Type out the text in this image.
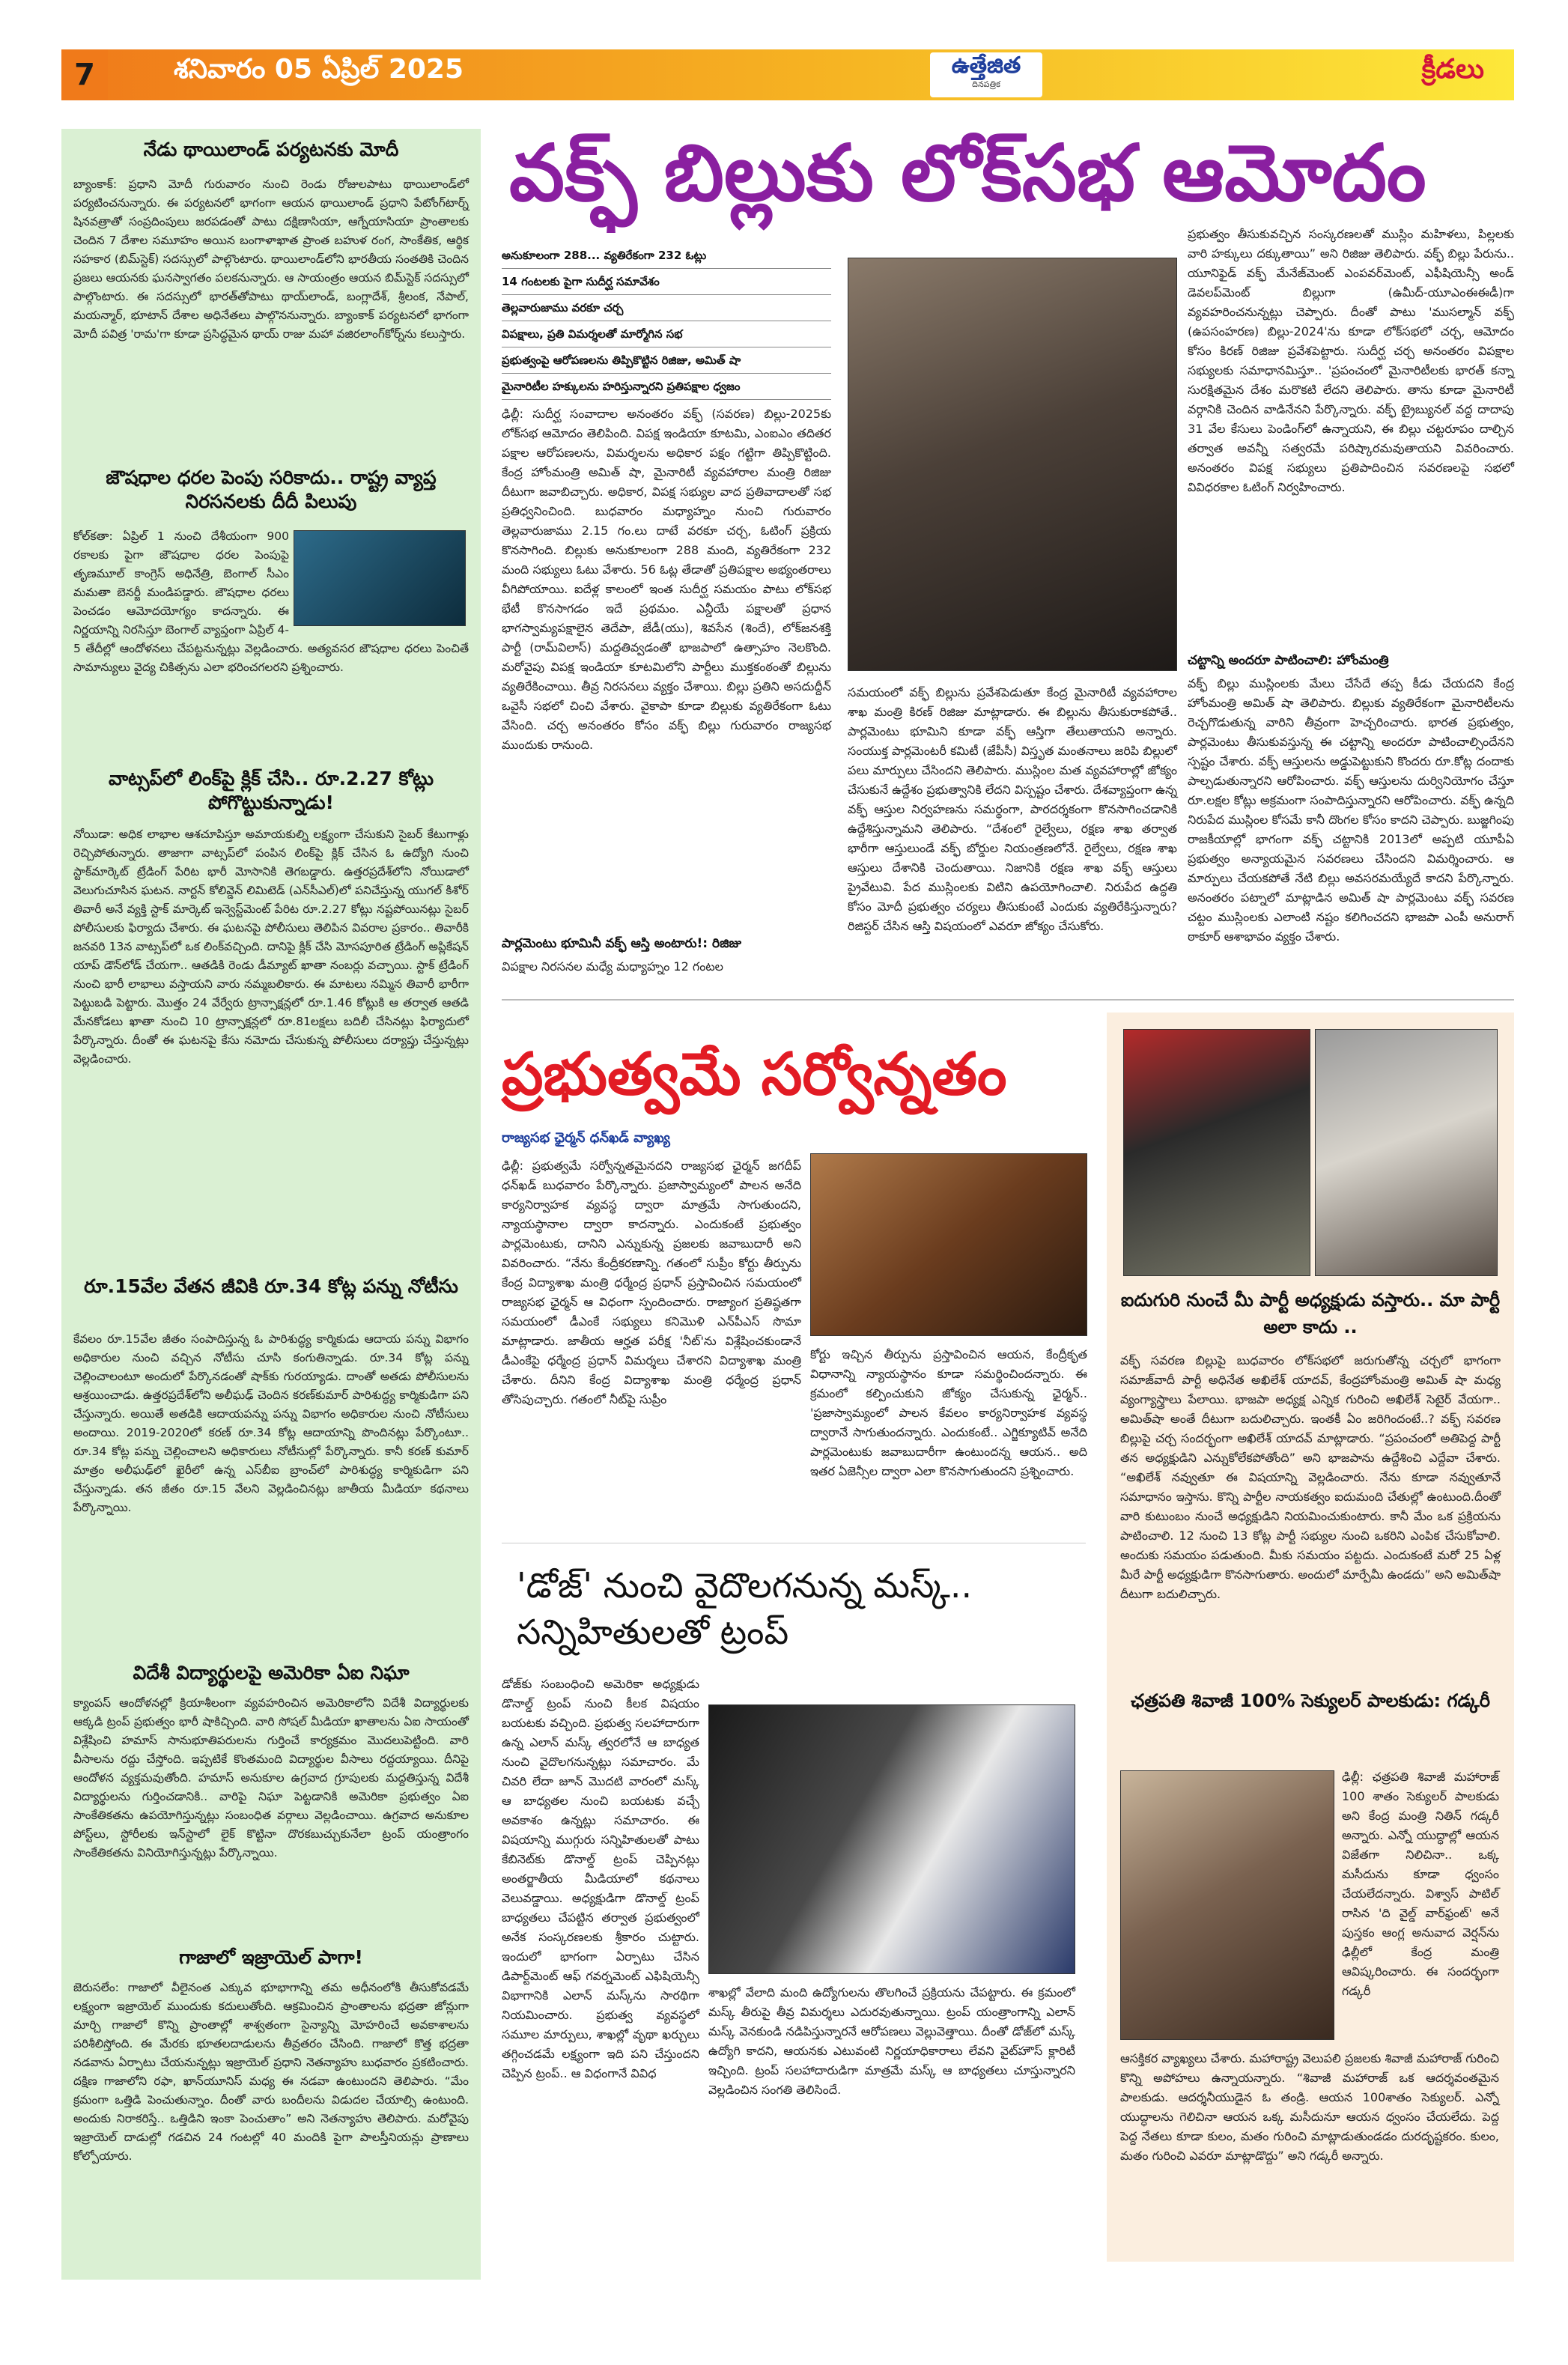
7	శనివారం 05 ఏప్రిల్ 2025	ఉత్తేజిత
దినపత్రిక	క్రీడలు
నేడు థాయిలాండ్ పర్యటనకు మోదీ
బ్యాంకాక్: ప్రధాని మోదీ గురువారం నుంచి రెండు రోజులపాటు థాయిలాండ్‌లో పర్యటించనున్నారు. ఈ పర్యటనలో భాగంగా ఆయన థాయిలాండ్ ప్రధాని పేటోంగ్‌టార్న్ షినవత్రాతో సంప్రదింపులు జరపడంతో పాటు దక్షిణాసియా, ఆగ్నేయాసియా ప్రాంతాలకు చెందిన 7 దేశాల సమూహం అయిన బంగాళాఖాత ప్రాంత బహుళ రంగ, సాంకేతిక, ఆర్థిక సహకార (బిమ్‌స్టెక్) సదస్సులో పాల్గొంటారు. థాయిలాండ్‌లోని భారతీయ సంతతికి చెందిన ప్రజలు ఆయనకు ఘనస్వాగతం పలకనున్నారు. ఆ సాయంత్రం ఆయన బిమ్‌స్టెక్ సదస్సులో పాల్గొంటారు. ఈ సదస్సులో భారత్‌తోపాటు థాయ్‌లాండ్, బంగ్లాదేశ్, శ్రీలంక, నేపాల్, మయన్మార్, భూటాన్ దేశాల అధినేతలు పాల్గొననున్నారు. బ్యాంకాక్ పర్యటనలో భాగంగా మోదీ పవిత్ర 'రామ'గా కూడా ప్రసిద్ధమైన థాయ్ రాజు మహా వజిరలాంగ్‌కోర్న్‌ను కలుస్తారు.
జౌషధాల ధరల పెంపు సరికాదు.. రాష్ట్ర వ్యాప్త నిరసనలకు దీదీ పిలుపు
కోల్‌కతా: ఏప్రిల్ 1 నుంచి దేశీయంగా 900 రకాలకు పైగా జౌషధాల ధరల పెంపుపై తృణమూల్ కాంగ్రెస్ అధినేత్రి, బెంగాల్ సీఎం మమతా బెనర్జీ మండిపడ్డారు. జౌషధాల ధరలు పెంచడం ఆమోదయోగ్యం కాదన్నారు. ఈ నిర్ణయాన్ని నిరసిస్తూ బెంగాల్ వ్యాప్తంగా ఏప్రిల్ 4-5 తేదీల్లో ఆందోళనలు చేపట్టనున్నట్లు వెల్లడించారు. అత్యవసర జౌషధాల ధరలు పెంచితే సామాన్యులు వైద్య చికిత్సను ఎలా భరించగలరని ప్రశ్నించారు.
వాట్సప్‌లో లింక్‌పై క్లిక్ చేసి.. రూ.2.27 కోట్లు పోగొట్టుకున్నాడు!
నోయిడా: అధిక లాభాల ఆశచూపిస్తూ అమాయకుల్ని లక్ష్యంగా చేసుకుని సైబర్ కేటుగాళ్లు రెచ్చిపోతున్నారు. తాజాగా వాట్సప్‌లో పంపిన లింక్‌పై క్లిక్ చేసిన ఓ ఉద్యోగి నుంచి స్టాక్‌మార్కెట్ ట్రేడింగ్ పేరిట భారీ మోసానికి తెగబడ్డారు. ఉత్తరప్రదేశ్‌లోని నోయిడాలో వెలుగుచూసిన ఘటన. నార్టన్ కోలివ్డెన్ లిమిటెడ్ (ఎన్‌సీఎల్)లో పనిచేస్తున్న యుగల్ కిశోర్ తివారీ అనే వ్యక్తి స్టాక్ మార్కెట్ ఇన్వెస్ట్‌మెంట్ పేరిట రూ.2.27 కోట్లు నష్టపోయినట్లు సైబర్ పోలీసులకు ఫిర్యాదు చేశారు. ఈ ఘటనపై పోలీసులు తెలిపిన వివరాల ప్రకారం.. తివారీకి జనవరి 13న వాట్సప్‌లో ఒక లింక్‌వచ్చింది. దానిపై క్లిక్ చేసి మోసపూరిత ట్రేడింగ్ అప్లికేషన్ యాప్ డౌన్‌లోడ్ చేయగా.. ఆతడికి రెండు డీమ్యాట్ ఖాతా నంబర్లు వచ్చాయి. స్టాక్ ట్రేడింగ్ నుంచి భారీ లాభాలు వస్తాయని వారు నమ్మబలికారు. ఈ మాటలు నమ్మిన తివారీ భారీగా పెట్టుబడి పెట్టారు. మొత్తం 24 వేర్వేరు ట్రాన్సాక్షన్లలో రూ.1.46 కోట్లుకి ఆ తర్వాత ఆతడి మేనకోడలు ఖాతా నుంచి 10 ట్రాన్సాక్షన్లలో రూ.81లక్షలు బదిలీ చేసినట్లు ఫిర్యాదులో పేర్కొన్నారు. దీంతో ఈ ఘటనపై కేసు నమోదు చేసుకున్న పోలీసులు దర్యాప్తు చేస్తున్నట్లు వెల్లడించారు.
రూ.15వేల వేతన జీవికి రూ.34 కోట్ల పన్ను నోటీసు
కేవలం రూ.15వేల జీతం సంపాదిస్తున్న ఓ పారిశుద్ధ్య కార్మికుడు ఆదాయ పన్ను విభాగం అధికారుల నుంచి వచ్చిన నోటీసు చూసి కంగుతిన్నాడు. రూ.34 కోట్ల పన్ను చెల్లించాలంటూ అందులో పేర్కొనడంతో షాక్‌కు గురయ్యాడు. దాంతో అతడు పోలీసులను ఆశ్రయించాడు. ఉత్తరప్రదేశ్‌లోని అలీఘఢ్ చెందిన కరణ్‌కుమార్ పారిశుద్ధ్య కార్మికుడిగా పని చేస్తున్నారు. అయితే అతడికి ఆదాయపన్ను పన్ను విభాగం అధికారుల నుంచి నోటీసులు అందాయి. 2019-2020లో కరణ్ రూ.34 కోట్ల ఆదాయాన్ని పొందినట్లు పేర్కొంటూ.. రూ.34 కోట్ల పన్ను చెల్లించాలని అధికారులు నోటీసుల్లో పేర్కొన్నారు. కానీ కరణ్ కుమార్ మాత్రం అలీఘఢ్‌లో ఖైరీలో ఉన్న ఎస్‌బీఐ బ్రాంచ్‌లో పారిశుద్ధ్య కార్మికుడిగా పని చేస్తున్నాడు. తన జీతం రూ.15 వేలని వెల్లడించినట్లు జాతీయ మీడియా కథనాలు పేర్కొన్నాయి.
విదేశీ విద్యార్థులపై అమెరికా ఏఐ నిఘా
క్యాంపస్ ఆందోళనల్లో క్రియాశీలంగా వ్యవహరించిన అమెరికాలోని విదేశీ విద్యార్థులకు ఆక్కడి ట్రంప్ ప్రభుత్వం భారీ షాకిచ్చింది. వారి సోషల్ మీడియా ఖాతాలను ఏఐ సాయంతో విశ్లేషించి హమాస్ సానుభూతిపరులను గుర్తించే కార్యక్రమం మొదలుపెట్టింది. వారి వీసాలను రద్దు చేస్తోంది. ఇప్పటికే కొంతమంది విద్యార్థుల వీసాలు రద్దయ్యాయి. దీనిపై ఆందోళన వ్యక్తమవుతోంది. హమాస్ అనుకూల ఉగ్రవాద గ్రూపులకు మద్దతిస్తున్న విదేశీ విద్యార్థులను గుర్తించడానికి.. వారిపై నిఘా పెట్టడానికి అమెరికా ప్రభుత్వం ఏఐ సాంకేతికతను ఉపయోగిస్తున్నట్లు సంబంధిత వర్గాలు వెల్లడించాయి. ఉగ్రవాద అనుకూల పోస్ట్‌లు, స్టోరీలకు ఇన్‌స్టాలో లైక్ కొట్టినా దొరకబుచ్చుకునేలా ట్రంప్ యంత్రాంగం సాంకేతికతను వినియోగిస్తున్నట్లు పేర్కొన్నాయి.
గాజాలో ఇజ్రాయెల్ పాగా!
జెరుసలేం: గాజాలో వీలైనంత ఎక్కువ భూభాగాన్ని తమ అధీనంలోకి తీసుకోవడమే లక్ష్యంగా ఇజ్రాయెల్ ముందుకు కదులుతోంది. ఆక్రమించిన ప్రాంతాలను భద్రతా జోన్లుగా మార్చి గాజాలో కొన్ని ప్రాంతాల్లో శాశ్వతంగా సైన్యాన్ని మోహరించే అవకాశాలను పరిశీలిస్తోంది. ఈ మేరకు భూతలదాడులను తీవ్రతరం చేసింది. గాజాలో కొత్త భద్రతా నడవాను ఏర్పాటు చేయనున్నట్లు ఇజ్రాయెల్ ప్రధాని నెతన్యాహు బుధవారం ప్రకటించారు. దక్షిణ గాజాలోని రఫా, ఖాన్‌యూనిస్‌ మధ్య ఈ నడవా ఉంటుందని తెలిపారు. “మేం క్రమంగా ఒత్తిడి పెంచుతున్నాం. దీంతో వారు బందీలను విడుదల చేయాల్సి ఉంటుంది. అందుకు నిరాకరిస్తే.. ఒత్తిడిని ఇంకా పెంచుతాం” అని నెతన్యాహు తెలిపారు. మరోవైపు ఇజ్రాయెల్ దాడుల్లో గడచిన 24 గంటల్లో 40 మందికి పైగా పాలస్తీనియన్లు ప్రాణాలు కోల్పోయారు.
వక్ఫ్ బిల్లుకు లోక్‌సభ ఆమోదం
అనుకూలంగా 288... వ్యతిరేకంగా 232 ఓట్లు
14 గంటలకు పైగా సుదీర్ఘ సమావేశం
తెల్లవారుజాము వరకూ చర్చ
విపక్షాలు, ప్రతి విమర్శలతో మార్మోగిన సభ
ప్రభుత్వంపై ఆరోపణలను తిప్పికొట్టిన రిజిజు, అమిత్ షా
మైనారిటీల హక్కులను హరిస్తున్నారని ప్రతిపక్షాల ధ్వజం
ఢిల్లీ: సుదీర్ఘ సంవాదాల అనంతరం వక్ఫ్ (సవరణ) బిల్లు-2025కు లోక్‌సభ ఆమోదం తెలిపింది. విపక్ష ఇండియా కూటమి, ఎంఐఎం తదితర పక్షాల ఆరోపణలను, విమర్శలను అధికార పక్షం గట్టిగా తిప్పికొట్టింది. కేంద్ర హోంమంత్రి అమిత్ షా, మైనారిటీ వ్యవహారాల మంత్రి రిజిజు దీటుగా జవాబిచ్చారు. అధికార, విపక్ష సభ్యుల వాద ప్రతివాదాలతో సభ ప్రతిధ్వనించింది. బుధవారం మధ్యాహ్నం నుంచి గురువారం తెల్లవారుజాము 2.15 గం.లు దాటే వరకూ చర్చ, ఓటింగ్ ప్రక్రియ కొనసాగింది. బిల్లుకు అనుకూలంగా 288 మంది, వ్యతిరేకంగా 232 మంది సభ్యులు ఓటు వేశారు. 56 ఓట్ల తేడాతో ప్రతిపక్షాల అభ్యంతరాలు వీగిపోయాయి. ఐదేళ్ల కాలంలో ఇంత సుదీర్ఘ సమయం పాటు లోక్‌సభ భేటీ కొనసాగడం ఇదే ప్రథమం. ఎన్డీయే పక్షాలతో ప్రధాన భాగస్వామ్యపక్షాలైన తెదేపా, జేడీ(యు), శివసేన (శిందే), లోక్‌జనశక్తి పార్టీ (రామ్‌విలాస్) మద్దతివ్వడంతో భాజపాలో ఉత్సాహం నెలకొంది. మరోవైపు విపక్ష ఇండియా కూటమిలోని పార్టీలు ముక్తకంఠంతో బిల్లును వ్యతిరేకించాయి. తీవ్ర నిరసనలు వ్యక్తం చేశాయి. బిల్లు ప్రతిని అసదుద్దీన్ ఒవైసీ సభలో చించి వేశారు. వైకాపా కూడా బిల్లుకు వ్యతిరేకంగా ఓటు వేసింది. చర్చ అనంతరం కోసం వక్ఫ్ బిల్లు గురువారం రాజ్యసభ ముందుకు రానుంది.
పార్లమెంటు భూమినీ వక్ఫ్ ఆస్తి అంటారు!: రిజిజు
విపక్షాల నిరసనల మధ్యే మధ్యాహ్నం 12 గంటల
సమయంలో వక్ఫ్ బిల్లును ప్రవేశపెడుతూ కేంద్ర మైనారిటీ వ్యవహారాల శాఖ మంత్రి కిరణ్ రిజిజు మాట్లాడారు. ఈ బిల్లును తీసుకురాకపోతే.. పార్లమెంటు భూమిని కూడా వక్ఫ్ ఆస్తిగా తేలుతాయని అన్నారు. సంయుక్త పార్లమెంటరీ కమిటీ (జేపీసీ) విస్తృత మంతనాలు జరిపి బిల్లులో పలు మార్పులు చేసిందని తెలిపారు. ముస్లింల మత వ్యవహారాల్లో జోక్యం చేసుకునే ఉద్దేశం ప్రభుత్వానికి లేదని విస్పష్టం చేశారు. దేశవ్యాప్తంగా ఉన్న వక్ఫ్ ఆస్తుల నిర్వహణను సమర్థంగా, పారదర్శకంగా కొనసాగించడానికి ఉద్దేశిస్తున్నామని తెలిపారు. “దేశంలో రైల్వేలు, రక్షణ శాఖ తర్వాత భారీగా ఆస్తులుండే వక్ఫ్ బోర్డుల నియంత్రణలోనే. రైల్వేలు, రక్షణ శాఖ ఆస్తులు దేశానికి చెందుతాయి. నిజానికి రక్షణ శాఖ వక్ఫ్ ఆస్తులు ప్రైవేటువి. పేద ముస్లింలకు విటిని ఉపయోగించాలి. నిరుపేద ఉద్ధతి కోసం మోదీ ప్రభుత్వం చర్యలు తీసుకుంటే ఎందుకు వ్యతిరేకిస్తున్నారు? రిజిస్టర్ చేసిన ఆస్తి విషయంలో ఎవరూ జోక్యం చేసుకోరు.
ప్రభుత్వం తీసుకువచ్చిన సంస్కరణలతో ముస్లిం మహిళలు, పిల్లలకు వారి హక్కులు దక్కుతాయి” అని రిజిజు తెలిపారు. వక్ఫ్ బిల్లు పేరును.. యూనిఫైడ్ వక్ఫ్ మేనేజ్‌మెంట్ ఎంపవర్‌మెంట్, ఎఫీషియెన్సీ అండ్ డెవలప్‌మెంట్ బిల్లుగా (ఉమీద్-యూఎంఈఈడీ)గా వ్యవహరించనున్నట్లు చెప్పారు. దీంతో పాటు 'ముసల్మాన్ వక్ఫ్ (ఉపసంహరణ) బిల్లు-2024'ను కూడా లోక్‌సభలో చర్చ, ఆమోదం కోసం కిరణ్ రిజిజు ప్రవేశపెట్టారు. సుదీర్ఘ చర్చ అనంతరం విపక్షాల సభ్యులకు సమాధానమిస్తూ.. 'ప్రపంచంలో మైనారిటీలకు భారత్ కన్నా సురక్షితమైన దేశం మరొకటి లేదని తెలిపారు. తాను కూడా మైనారిటీ వర్గానికి చెందిన వాడినేనని పేర్కొన్నారు. వక్ఫ్ ట్రైబ్యునల్ వద్ద దాదాపు 31 వేల కేసులు పెండింగ్‌లో ఉన్నాయని, ఈ బిల్లు చట్టరూపం దాల్చిన తర్వాత అవన్నీ సత్వరమే పరిష్కారమవుతాయని వివరించారు. అనంతరం విపక్ష సభ్యులు ప్రతిపాదించిన సవరణలపై సభలో వివిధరకాల ఓటింగ్ నిర్వహించారు.
చట్టాన్ని అందరూ పాటించాలి: హోంమంత్రి
వక్ఫ్ బిల్లు ముస్లింలకు మేలు చేసేదే తప్ప కీడు చేయదని కేంద్ర హోంమంత్రి అమిత్ షా తెలిపారు. బిల్లుకు వ్యతిరేకంగా మైనారిటీలను రెచ్చగొడుతున్న వారిని తీవ్రంగా హెచ్చరించారు. భారత ప్రభుత్వం, పార్లమెంటు తీసుకువస్తున్న ఈ చట్టాన్ని అందరూ పాటించాల్సిందేనని స్పష్టం చేశారు. వక్ఫ్ ఆస్తులను అడ్డుపెట్టుకుని కొందరు రూ.కోట్ల దందాకు పాల్పడుతున్నారని ఆరోపించారు. వక్ఫ్ ఆస్తులను దుర్వినియోగం చేస్తూ రూ.లక్షల కోట్లు అక్రమంగా సంపాదిస్తున్నారని ఆరోపించారు. వక్ఫ్ ఉన్నది నిరుపేద ముస్లింల కోసమే కానీ దొంగల కోసం కాదని చెప్పారు. బుజ్జగింపు రాజకీయాల్లో భాగంగా వక్ఫ్ చట్టానికి 2013లో అప్పటి యూపీఏ ప్రభుత్వం అన్యాయమైన సవరణలు చేసిందని విమర్శించారు. ఆ మార్పులు చేయకపోతే నేటి బిల్లు అవసరమయ్యేదే కాదని పేర్కొన్నారు. అనంతరం పట్నాలో మాట్లాడిన అమిత్ షా పార్లమెంటు వక్ఫ్ సవరణ చట్టం ముస్లింలకు ఎలాంటి నష్టం కలిగించదని భాజపా ఎంపీ అనురాగ్ ఠాకూర్ ఆశాభావం వ్యక్తం చేశారు.
ప్రభుత్వమే సర్వోన్నతం
రాజ్యసభ ఛైర్మన్ ధన్‌ఖడ్ వ్యాఖ్య
ఢిల్లీ: ప్రభుత్వమే సర్వోన్నతమైనదని రాజ్యసభ ఛైర్మన్ జగదీప్ ధన్‌ఖడ్ బుధవారం పేర్కొన్నారు. ప్రజాస్వామ్యంలో పాలన అనేది కార్యనిర్వాహక వ్యవస్థ ద్వారా మాత్రమే సాగుతుందని, న్యాయస్థానాల ద్వారా కాదన్నారు. ఎందుకంటే ప్రభుత్వం పార్లమెంటుకు, దానిని ఎన్నుకున్న ప్రజలకు జవాబుదారీ అని వివరించారు. “నేను కేంద్రీకరణాన్ని. గతంలో సుప్రీం కోర్టు తీర్పును కేంద్ర విద్యాశాఖ మంత్రి ధర్మేంద్ర ప్రధాన్ ప్రస్తావించిన సమయంలో రాజ్యసభ ఛైర్మన్ ఆ విధంగా స్పందించారు. రాజ్యాంగ ప్రతిష్ఠతగా సమయంలో డీఎంకే సభ్యులు కనిమొళి ఎన్‌పీఎస్ సొమా మాట్లాడారు. జాతీయ ఆర్హత పరీక్ష 'నీట్'ను విశ్లేషించకుండానే డీఎంకేపై ధర్మేంద్ర ప్రధాన్ విమర్శలు చేశారని విద్యాశాఖ మంత్రి చేశారు. దీనిని కేంద్ర విద్యాశాఖ మంత్రి ధర్మేంద్ర ప్రధాన్ తోసిపుచ్చారు. గతంలో నీట్‌పై సుప్రీం
కోర్టు ఇచ్చిన తీర్పును ప్రస్తావించిన ఆయన, కేంద్రీకృత విధానాన్ని న్యాయస్థానం కూడా సమర్థించిందన్నారు. ఈ క్రమంలో కల్పించుకుని జోక్యం చేసుకున్న ఛైర్మన్.. 'ప్రజాస్వామ్యంలో పాలన కేవలం కార్యనిర్వాహక వ్యవస్థ ద్వారానే సాగుతుందన్నారు. ఎందుకంటే.. ఎగ్జిక్యూటివ్ అనేది పార్లమెంటుకు జవాబుదారీగా ఉంటుందన్న ఆయన.. అది ఇతర ఏజెన్సీల ద్వారా ఎలా కొనసాగుతుందని ప్రశ్నించారు.
'డోజ్' నుంచి వైదొలగనున్న మస్క్.. సన్నిహితులతో ట్రంప్
డోజ్‌కు సంబంధించి అమెరికా అధ్యక్షుడు డొనాల్డ్ ట్రంప్ నుంచి కీలక విషయం బయటకు వచ్చింది. ప్రభుత్వ సలహాదారుగా ఉన్న ఎలాన్ మస్క్ త్వరలోనే ఆ బాధ్యత నుంచి వైదొలగనున్నట్లు సమాచారం. మే చివరి లేదా జూన్ మొదటి వారంలో మస్క్ ఆ బాధ్యతల నుంచి బయటకు వచ్చే అవకాశం ఉన్నట్లు సమాచారం. ఈ విషయాన్ని ముగ్గురు సన్నిహితులతో పాటు కేబినెట్‌కు డొనాల్డ్ ట్రంప్ చెప్పినట్లు అంతర్జాతీయ మీడియాలో కథనాలు వెలువడ్డాయి. అధ్యక్షుడిగా డొనాల్డ్ ట్రంప్ బాధ్యతలు చేపట్టిన తర్వాత ప్రభుత్వంలో అనేక సంస్కరణలకు శ్రీకారం చుట్టారు. ఇందులో భాగంగా ఏర్పాటు చేసిన డిపార్ట్‌మెంట్ ఆఫ్ గవర్నమెంట్ ఎఫిషియెన్సీ విభాగానికి ఎలాన్ మస్క్‌ను సారథిగా నియమించారు. ప్రభుత్వ వ్యవస్థలో సమూల మార్పులు, శాఖల్లో వృథా ఖర్చులు తగ్గించడమే లక్ష్యంగా ఇది పని చేస్తుందని చెప్పిన ట్రంప్.. ఆ విధంగానే వివిధ
శాఖల్లో వేలాది మంది ఉద్యోగులను తొలగించే ప్రక్రియను చేపట్టారు. ఈ క్రమంలో మస్క్ తీరుపై తీవ్ర విమర్శలు ఎదురవుతున్నాయి. ట్రంప్ యంత్రాంగాన్ని ఎలాన్ మస్క్ వెనకుండి నడిపిస్తున్నారనే ఆరోపణలు వెల్లువెత్తాయి. దీంతో డోజ్‌లో మస్క్ ఉద్యోగి కాదని, ఆయనకు ఎటువంటి నిర్ణయాధికారాలు లేవని వైట్‌హౌస్ క్లారిటీ ఇచ్చింది. ట్రంప్ సలహాదారుడిగా మాత్రమే మస్క్ ఆ బాధ్యతలు చూస్తున్నారని వెల్లడించిన సంగతి తెలిసిందే.
ఐదుగురి నుంచే మీ పార్టీ అధ్యక్షుడు వస్తారు.. మా పార్టీ అలా కాదు ..
వక్ఫ్ సవరణ బిల్లుపై బుధవారం లోక్‌సభలో జరుగుతోన్న చర్చలో భాగంగా సమాజ్‌వాదీ పార్టీ అధినేత అఖిలేశ్ యాదవ్, కేంద్రహోంమంత్రి అమిత్ షా మధ్య వ్యంగ్యాస్త్రాలు పేలాయి. భాజపా అధ్యక్ష ఎన్నిక గురించి అఖిలేశ్ సెటైర్ వేయగా.. అమిత్‌షా అంతే దీటుగా బదులిచ్చారు. ఇంతకీ ఏం జరిగిందంటే..? వక్ఫ్ సవరణ బిల్లుపై చర్చ సందర్భంగా అఖిలేశ్ యాదవ్ మాట్లాడారు. “ప్రపంచంలో అతిపెద్ద పార్టీ తన అధ్యక్షుడిని ఎన్నుకోలేకపోతోంది” అని భాజపాను ఉద్దేశించి ఎద్దేవా చేశారు. “అఖిలేశ్ నవ్వుతూ ఈ విషయాన్ని వెల్లడించారు. నేను కూడా నవ్వుతూనే సమాధానం ఇస్తాను. కొన్ని పార్టీల నాయకత్వం ఐదుమంది చేతుల్లో ఉంటుంది.దీంతో వారి కుటుంబం నుంచే అధ్యక్షుడిని నియమించుకుంటారు. కానీ మేం ఒక ప్రక్రియను పాటించాలి. 12 నుంచి 13 కోట్ల పార్టీ సభ్యుల నుంచి ఒకరిని ఎంపిక చేసుకోవాలి. అందుకు సమయం పడుతుంది. మీకు సమయం పట్టదు. ఎందుకంటే మరో 25 ఏళ్ల మీరే పార్టీ అధ్యక్షుడిగా కొనసాగుతారు. అందులో మార్పేమీ ఉండదు” అని అమిత్‌షా దీటుగా బదులిచ్చారు.
ఛత్రపతి శివాజీ 100% సెక్యులర్ పాలకుడు: గడ్కరీ
ఢిల్లీ: ఛత్రపతి శివాజీ మహారాజ్ 100 శాతం సెక్యులర్ పాలకుడు అని కేంద్ర మంత్రి నితిన్ గడ్కరీ అన్నారు. ఎన్నో యుద్ధాల్లో ఆయన విజేతగా నిలిచినా.. ఒక్క మసీదును కూడా ధ్వంసం చేయలేదన్నారు. విశ్వాస్ పాటిల్ రాసిన 'ది వైల్డ్ వార్‌ఫ్రంట్' అనే పుస్తకం ఆంగ్ల అనువాద వెర్షన్‌ను ఢిల్లీలో కేంద్ర మంత్రి ఆవిష్కరించారు. ఈ సందర్భంగా గడ్కరీ
ఆసక్తికర వ్యాఖ్యలు చేశారు. మహారాష్ట్ర వెలుపలి ప్రజలకు శివాజీ మహారాజ్ గురించి కొన్ని అపోహలు ఉన్నాయన్నారు. “శివాజీ మహారాజ్ ఒక ఆదర్శవంతమైన పాలకుడు. ఆదర్శనీయుడైన ఓ తండ్రి. ఆయన 100శాతం సెక్యులర్. ఎన్నో యుద్ధాలను గెలిచినా ఆయన ఒక్క మసీదునూ ఆయన ధ్వంసం చేయలేదు. పెద్ద పెద్ద నేతలు కూడా కులం, మతం గురించి మాట్లాడుతుండడం దురదృష్టకరం. కులం, మతం గురించి ఎవరూ మాట్లాడొద్దు” అని గడ్కరీ అన్నారు.
